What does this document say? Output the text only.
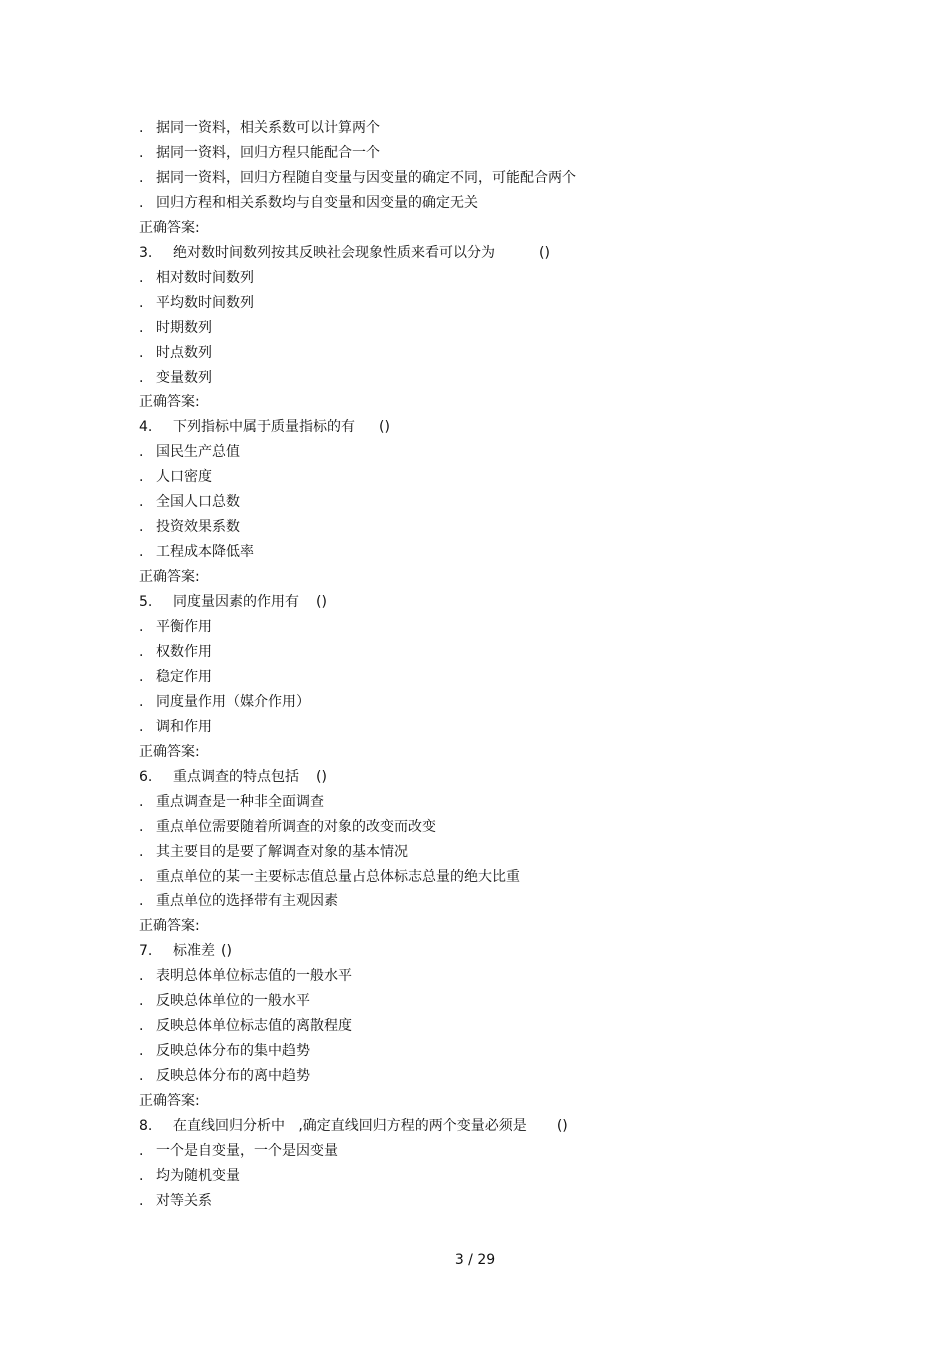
. 据同一资料，相关系数可以计算两个
. 据同一资料，回归方程只能配合一个
. 据同一资料，回归方程随自变量与因变量的确定不同，可能配合两个
. 回归方程和相关系数均与自变量和因变量的确定无关
正确答案:
3. 绝对数时间数列按其反映社会现象性质来看可以分为	()
. 相对数时间数列
. 平均数时间数列
. 时期数列
. 时点数列
. 变量数列
正确答案:
4. 下列指标中属于质量指标的有 ()
. 国民生产总值
. 人口密度
. 全国人口总数
. 投资效果系数
. 工程成本降低率
正确答案:
5. 同度量因素的作用有 ()
. 平衡作用
. 权数作用
. 稳定作用
. 同度量作用（媒介作用）
. 调和作用
正确答案:
6. 重点调查的特点包括 ()
. 重点调查是一种非全面调查
. 重点单位需要随着所调查的对象的改变而改变
. 其主要目的是要了解调查对象的基本情况
. 重点单位的某一主要标志值总量占总体标志总量的绝大比重
. 重点单位的选择带有主观因素
正确答案:
7. 标准差 ()
. 表明总体单位标志值的一般水平
. 反映总体单位的一般水平
. 反映总体单位标志值的离散程度
. 反映总体分布的集中趋势
. 反映总体分布的离中趋势
正确答案:
8. 在直线回归分析中   ,确定直线回归方程的两个变量必须是 ()
. 一个是自变量，一个是因变量
. 均为随机变量
. 对等关系
3 / 29
